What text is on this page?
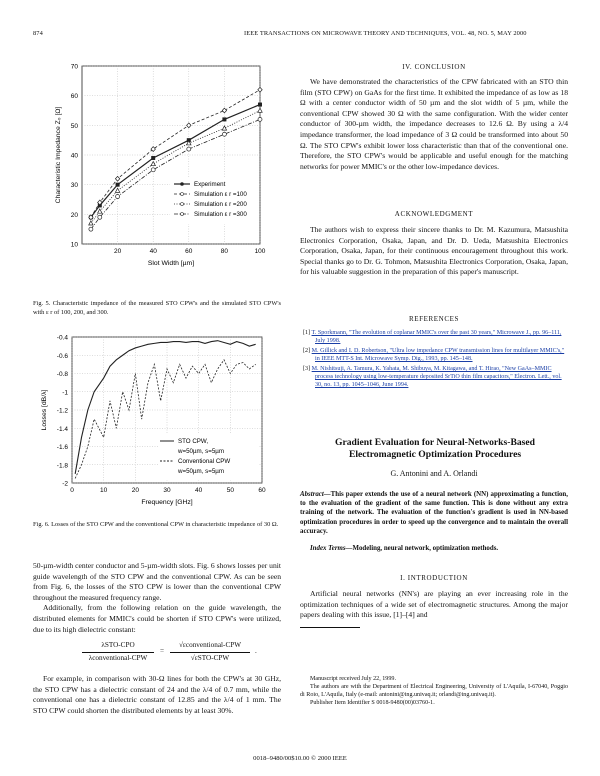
874	IEEE TRANSACTIONS ON MICROWAVE THEORY AND TECHNIQUES, VOL. 48, NO. 5, MAY 2000
10
20
30
40
50
60
70
20	40	60	80	100
Slot Width [µm]
Characteristic Impedance Z₀ [Ω]	Experiment
Simulation ε r =100
Simulation ε r =200
Simulation ε r =300
Fig. 5. Characteristic impedance of the measured STO CPW's and the simulated STO CPW's with ε r of 100, 200, and 300.
-0.4
-0.6
-0.8
-1
-1.2
-1.4
-1.6
-1.8
-2
0	10	20	30	40	50	60
Frequency [GHz]
Losses [dB/λ]
STO CPW,
w=50µm, s=5µm
Conventional CPW
w=50µm, s=5µm
Fig. 6. Losses of the STO CPW and the conventional CPW in characteristic impedance of 30 Ω.

50-µm-width center conductor and 5-µm-width slots. Fig. 6 shows losses per unit guide wavelength of the STO CPW and the conventional CPW. As can be seen from Fig. 6, the losses of the STO CPW is lower than the conventional CPW throughout the measured frequency range.

Additionally, from the following relation on the guide wavelength, the distributed elements for MMIC's could be shorten if STO CPW's were utilized, due to its high dielectric constant:

λSTO-CPO
λconventional-CPW
=
√εconventional-CPW
√εSTO-CPW
.

For example, in comparison with 30-Ω lines for both the CPW's at 30 GHz, the STO CPW has a dielectric constant of 24 and the λ/4 of 0.7 mm, while the conventional one has a dielectric constant of 12.85 and the λ/4 of 1 mm. The STO CPW could shorten the distributed elements by at least 30%.

IV. CONCLUSION

We have demonstrated the characteristics of the CPW fabricated with an STO thin film (STO CPW) on GaAs for the first time. It exhibited the impedance of as low as 18 Ω with a center conductor width of 50 µm and the slot width of 5 µm, while the conventional CPW showed 30 Ω with the same configuration. With the wider center conductor of 300-µm width, the impedance decreases to 12.6 Ω. By using a λ/4 impedance transformer, the load impedance of 3 Ω could be transformed into about 50 Ω. The STO CPW's exhibit lower loss characteristic than that of the conventional one. Therefore, the STO CPW's would be applicable and useful enough for the matching networks for power MMIC's or the other low-impedance devices.

ACKNOWLEDGMENT

The authors wish to express their sincere thanks to Dr. M. Kazumura, Matsushita Electronics Corporation, Osaka, Japan, and Dr. D. Ueda, Matsushita Electronics Corporation, Osaka, Japan, for their continuous encouragement throughout this work. Special thanks go to Dr. G. Tohmon, Matsushita Electronics Corporation, Osaka, Japan, for his valuable suggestion in the preparation of this paper's manuscript.

REFERENCES
[1] T. Sporkmann, "The evolution of coplanar MMIC's over the past 30 years," Microwave J., pp. 96–111, July 1998.
[2] M. Gillick and I. D. Robertson, "Ultra low impedance CPW transmission lines for multilayer MMIC's," in IEEE MTT-S Int. Microwave Symp. Dig., 1993, pp. 145–148.
[3] M. Nishitsuji, A. Tamura, K. Yahata, M. Shibuya, M. Kitagawa, and T. Hirao, "New GaAs–MMIC process technology using low-temperature deposited SrTiO thin film capacitors," Electron. Lett., vol. 30, no. 13, pp. 1045–1046, June 1994.
Gradient Evaluation for Neural-Networks-Based Electromagnetic Optimization Procedures
G. Antonini and A. Orlandi
Abstract—This paper extends the use of a neural network (NN) approximating a function, to the evaluation of the gradient of the same function. This is done without any extra training of the network. The evaluation of the function's gradient is used in NN-based optimization procedures in order to speed up the convergence and to maintain the overall accuracy.
Index Terms—Modeling, neural network, optimization methods.
I. INTRODUCTION

Artificial neural networks (NN's) are playing an ever increasing role in the optimization techniques of a wide set of electromagnetic structures. Among the major papers dealing with this issue, [1]–[4] and

Manuscript received July 22, 1999.

The authors are with the Department of Electrical Engineering, University of L'Aquila, I-67040, Poggio di Roio, L'Aquila, Italy (e-mail: antonini@ing.univaq.it; orlandi@ing.univaq.it).

Publisher Item Identifier S 0018-9480(00)03760-1.

0018–9480/00$10.00 © 2000 IEEE
